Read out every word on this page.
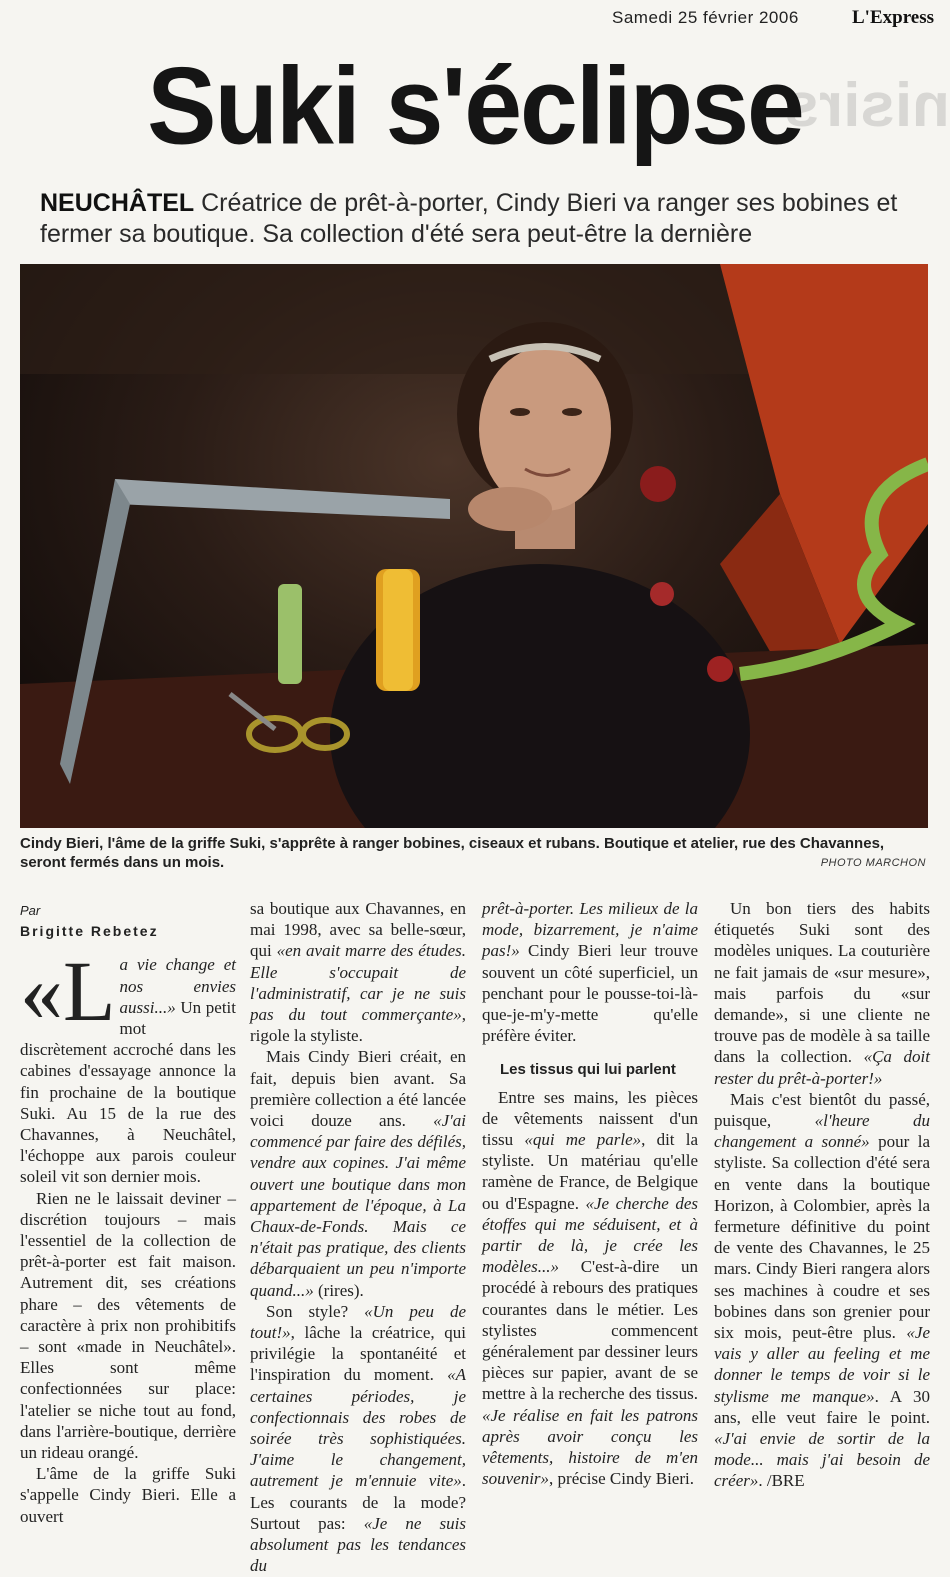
Samedi 25 février 2006	L'Express
nisirs
Suki s'éclipse
NEUCHÂTEL Créatrice de prêt-à-porter, Cindy Bieri va ranger ses bobines et fermer sa boutique. Sa collection d'été sera peut-être la dernière
Cindy Bieri, l'âme de la griffe Suki, s'apprête à ranger bobines, ciseaux et rubans. Boutique et atelier, rue des Chavannes, seront fermés dans un mois.	PHOTO MARCHON
Par
Brigitte Rebetez

«La vie change et nos envies aussi...» Un petit mot discrètement accroché dans les cabines d'essayage annonce la fin prochaine de la boutique Suki. Au 15 de la rue des Chavannes, à Neuchâtel, l'échoppe aux parois couleur soleil vit son dernier mois.

Rien ne le laissait deviner – discrétion toujours – mais l'essentiel de la collection de prêt-à-porter est fait maison. Autrement dit, ses créations phare – des vêtements de caractère à prix non prohibitifs – sont «made in Neuchâtel». Elles sont même confectionnées sur place: l'atelier se niche tout au fond, dans l'arrière-boutique, derrière un rideau orangé.

L'âme de la griffe Suki s'appelle Cindy Bieri. Elle a ouvert

sa boutique aux Chavannes, en mai 1998, avec sa belle-sœur, qui «en avait marre des études. Elle s'occupait de l'administratif, car je ne suis pas du tout commerçante», rigole la styliste.

Mais Cindy Bieri créait, en fait, depuis bien avant. Sa première collection a été lancée voici douze ans. «J'ai commencé par faire des défilés, vendre aux copines. J'ai même ouvert une boutique dans mon appartement de l'époque, à La Chaux-de-Fonds. Mais ce n'était pas pratique, des clients débarquaient un peu n'importe quand...» (rires).

Son style? «Un peu de tout!», lâche la créatrice, qui privilégie la spontanéité et l'inspiration du moment. «A certaines périodes, je confectionnais des robes de soirée très sophistiquées. J'aime le changement, autrement je m'ennuie vite». Les courants de la mode? Surtout pas: «Je ne suis absolument pas les tendances du

prêt-à-porter. Les milieux de la mode, bizarrement, je n'aime pas!» Cindy Bieri leur trouve souvent un côté superficiel, un penchant pour le pousse-toi-là-que-je-m'y-mette qu'elle préfère éviter.

Les tissus qui lui parlent

Entre ses mains, les pièces de vêtements naissent d'un tissu «qui me parle», dit la styliste. Un matériau qu'elle ramène de France, de Belgique ou d'Espagne. «Je cherche des étoffes qui me séduisent, et à partir de là, je crée les modèles...» C'est-à-dire un procédé à rebours des pratiques courantes dans le métier. Les stylistes commencent généralement par dessiner leurs pièces sur papier, avant de se mettre à la recherche des tissus. «Je réalise en fait les patrons après avoir conçu les vêtements, histoire de m'en souvenir», précise Cindy Bieri.

Un bon tiers des habits étiquetés Suki sont des modèles uniques. La couturière ne fait jamais de «sur mesure», mais parfois du «sur demande», si une cliente ne trouve pas de modèle à sa taille dans la collection. «Ça doit rester du prêt-à-porter!»

Mais c'est bientôt du passé, puisque, «l'heure du changement a sonné» pour la styliste. Sa collection d'été sera en vente dans la boutique Horizon, à Colombier, après la fermeture définitive du point de vente des Chavannes, le 25 mars. Cindy Bieri rangera alors ses machines à coudre et ses bobines dans son grenier pour six mois, peut-être plus. «Je vais y aller au feeling et me donner le temps de voir si le stylisme me manque». A 30 ans, elle veut faire le point. «J'ai envie de sortir de la mode... mais j'ai besoin de créer». /BRE
